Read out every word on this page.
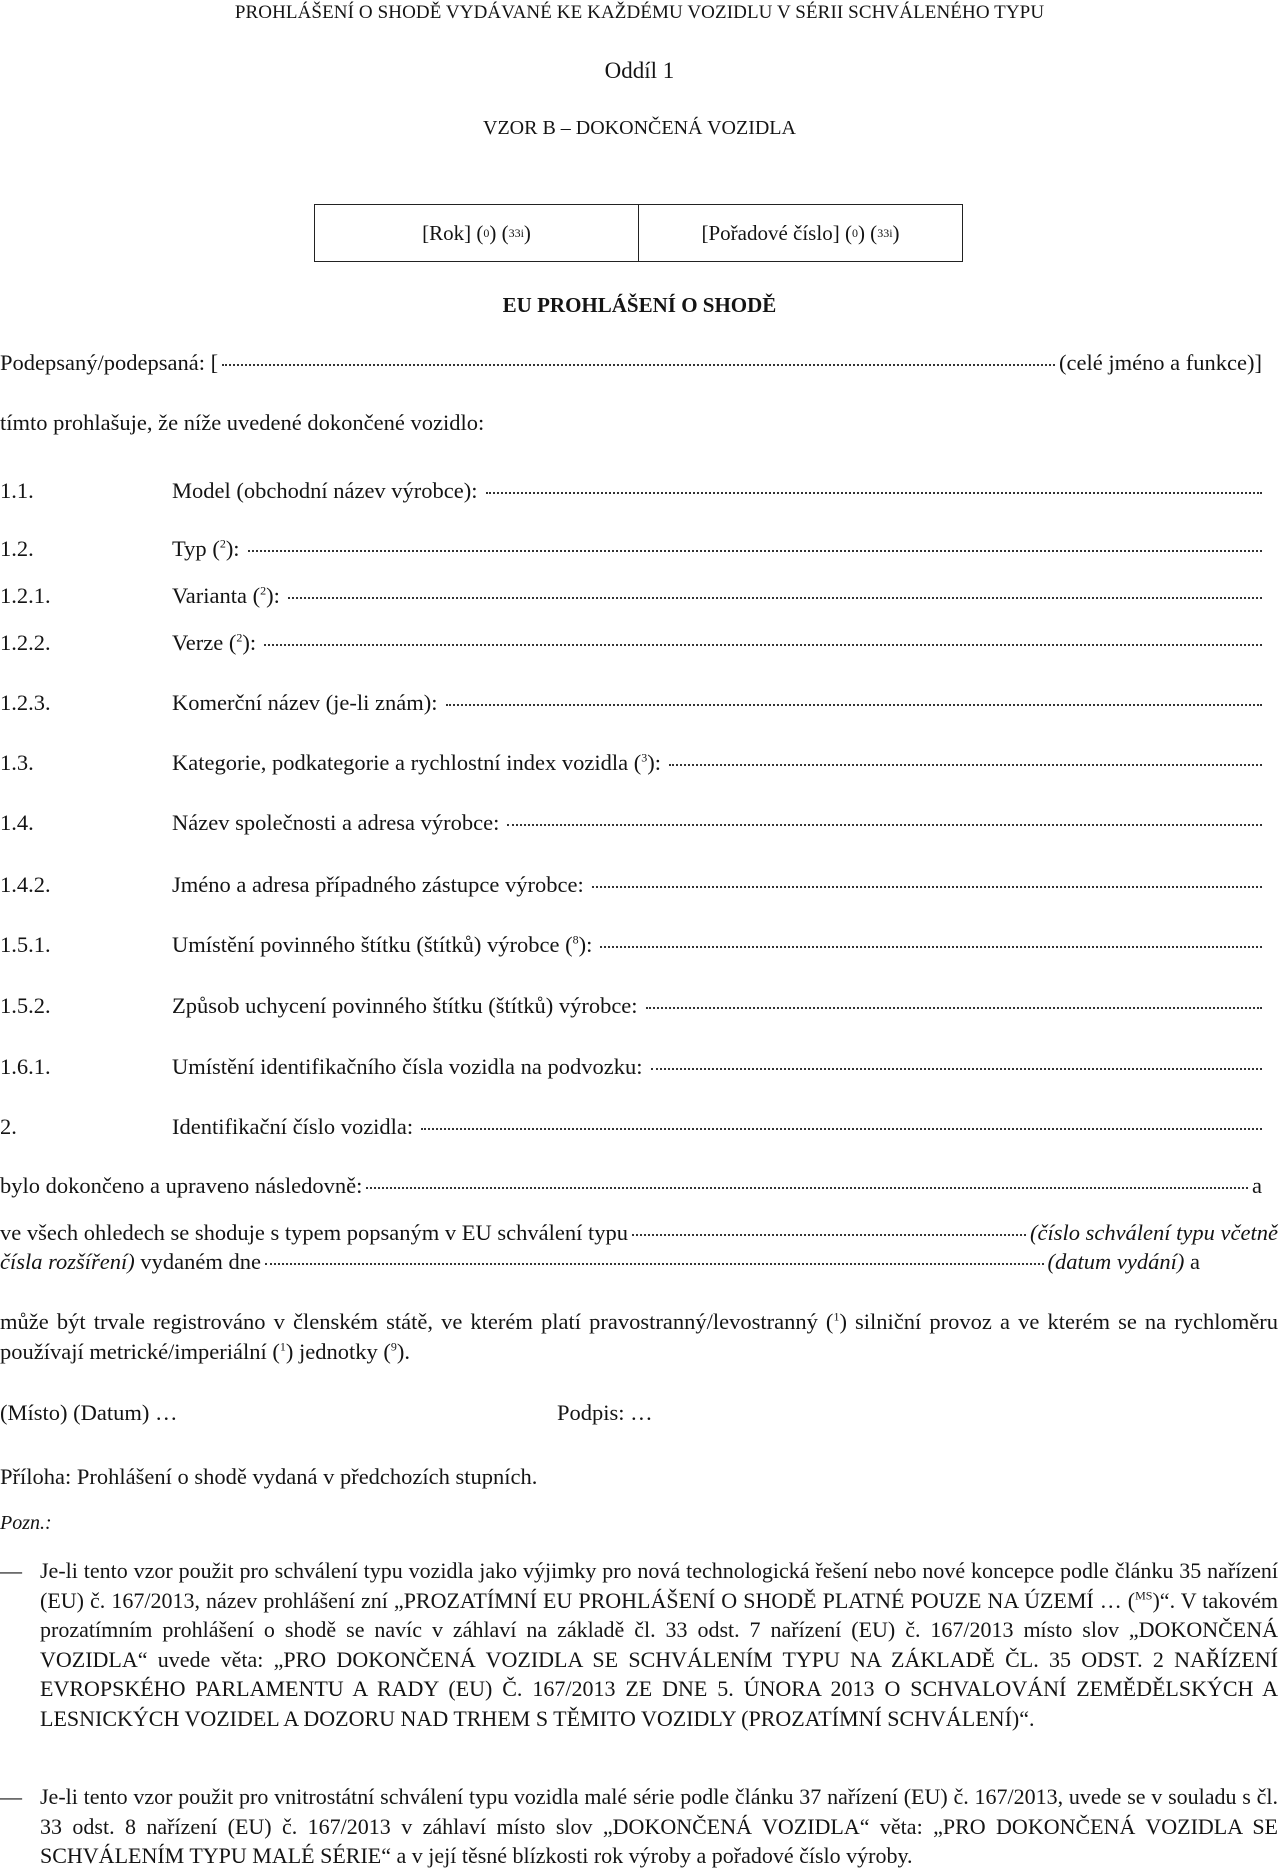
PROHLÁŠENÍ O SHODĚ VYDÁVANÉ KE KAŽDÉMU VOZIDLU V SÉRII SCHVÁLENÉHO TYPU
Oddíl 1
VZOR B – DOKONČENÁ VOZIDLA
[Rok] ( 0 ) ( 33i )	[Pořadové číslo] ( 0 ) ( 33i )
EU PROHLÁŠENÍ O SHODĚ
Podepsaný/podepsaná: [	(celé jméno a funkce)]
tímto prohlašuje, že níže uvedené dokončené vozidlo:
1.1.	Model (obchodní název výrobce):
1.2.	Typ ($^2$):
1.2.1.	Varianta ($^2$):
1.2.2.	Verze ($^2$):
1.2.3.	Komerční název (je-li znám):
1.3.	Kategorie, podkategorie a rychlostní index vozidla ($^3$):
1.4.	Název společnosti a adresa výrobce:
1.4.2.	Jméno a adresa případného zástupce výrobce:
1.5.1.	Umístění povinného štítku (štítků) výrobce ($^8$):
1.5.2.	Způsob uchycení povinného štítku (štítků) výrobce:
1.6.1.	Umístění identifikačního čísla vozidla na podvozku:
2.	Identifikační číslo vozidla:
bylo dokončeno a upraveno následovně:	a
ve všech ohledech se shoduje s typem popsaným v EU schválení typu	(číslo schválení typu včetně
čísla rozšíření)
vydaném dne	(datum vydání)
a
může být trvale registrováno v členském státě, ve kterém platí pravostranný/levostranný ($^1$) silniční provoz a ve kterém se na rychloměru používají metrické/imperiální ($^1$) jednotky ($^9$).
(Místo) (Datum) …	Podpis: …
Příloha: Prohlášení o shodě vydaná v předchozích stupních.
Pozn.:
— Je-li tento vzor použit pro schválení typu vozidla jako výjimky pro nová technologická řešení nebo nové koncepce podle článku 35 nařízení (EU) č. 167/2013, název prohlášení zní „PROZATÍMNÍ EU PROHLÁŠENÍ O SHODĚ PLATNÉ POUZE NA ÚZEMÍ … ($^{MS}$)“. V takovém prozatímním prohlášení o shodě se navíc v záhlaví na základě čl. 33 odst. 7 nařízení (EU) č. 167/2013 místo slov „DOKONČENÁ VOZIDLA“ uvede věta: „PRO DOKONČENÁ VOZIDLA SE SCHVÁLENÍM TYPU NA ZÁKLADĚ ČL. 35 ODST. 2 NAŘÍZENÍ EVROPSKÉHO PARLAMENTU A RADY (EU) Č. 167/2013 ZE DNE 5. ÚNORA 2013 O SCHVALOVÁNÍ ZEMĚDĚLSKÝCH A LESNICKÝCH VOZIDEL A DOZORU NAD TRHEM S TĚMITO VOZIDLY (PROZATÍMNÍ SCHVÁLENÍ)“.
— Je-li tento vzor použit pro vnitrostátní schválení typu vozidla malé série podle článku 37 nařízení (EU) č. 167/2013, uvede se v souladu s čl. 33 odst. 8 nařízení (EU) č. 167/2013 v záhlaví místo slov „DOKONČENÁ VOZIDLA“ věta: „PRO DOKONČENÁ VOZIDLA SE SCHVÁLENÍM TYPU MALÉ SÉRIE“ a v její těsné blízkosti rok výroby a pořadové číslo výroby.
